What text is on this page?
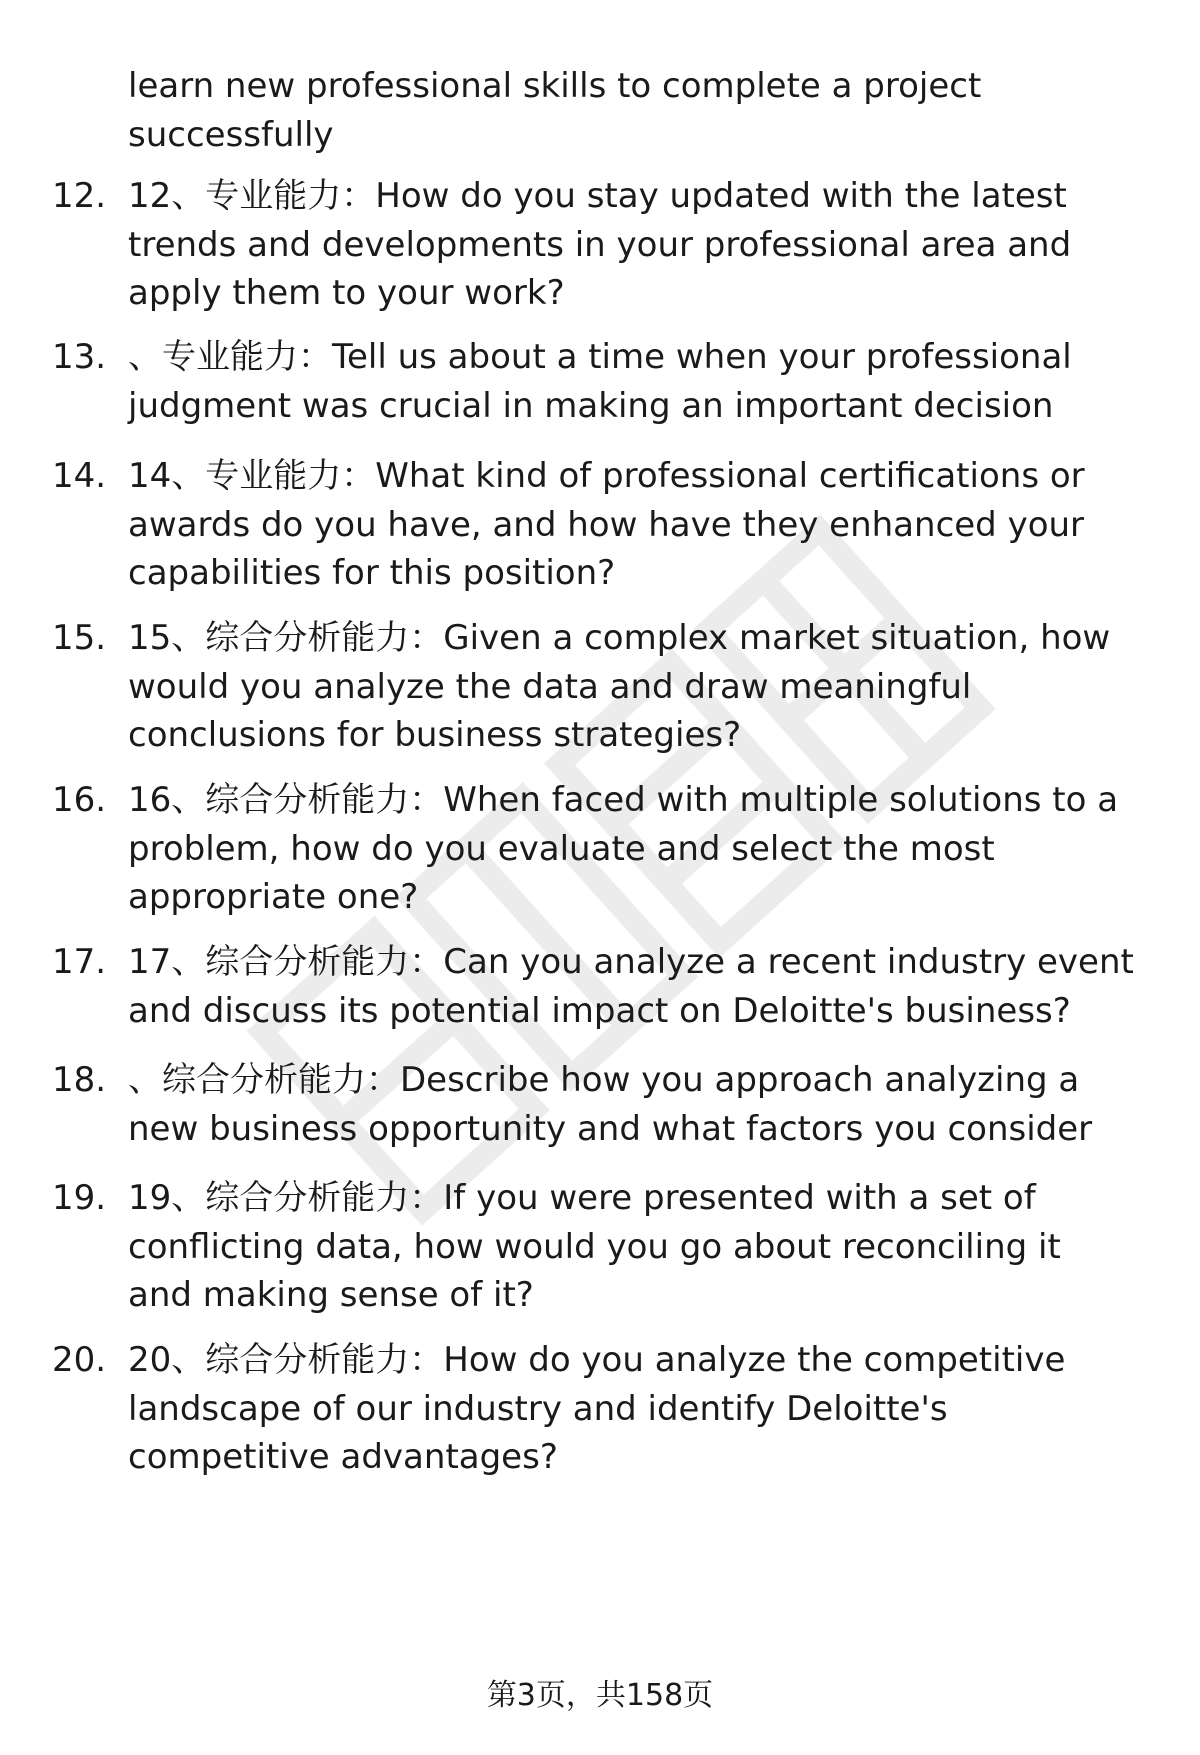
learn new professional skills to complete a project
successfully
12. 12、专业能力：How do you stay updated with the latest
trends and developments in your professional area and
apply them to your work?
13. 、专业能力：Tell us about a time when your professional
judgment was crucial in making an important decision
14. 14、专业能力：What kind of professional certifications or
awards do you have, and how have they enhanced your
capabilities for this position?
15. 15、综合分析能力：Given a complex market situation, how
would you analyze the data and draw meaningful
conclusions for business strategies?
16. 16、综合分析能力：When faced with multiple solutions to a
problem, how do you evaluate and select the most
appropriate one?
17. 17、综合分析能力：Can you analyze a recent industry event
and discuss its potential impact on Deloitte's business?
18. 、综合分析能力：Describe how you approach analyzing a
new business opportunity and what factors you consider
19. 19、综合分析能力：If you were presented with a set of
conflicting data, how would you go about reconciling it
and making sense of it?
20. 20、综合分析能力：How do you analyze the competitive
landscape of our industry and identify Deloitte's
competitive advantages?
第3页，共158页
